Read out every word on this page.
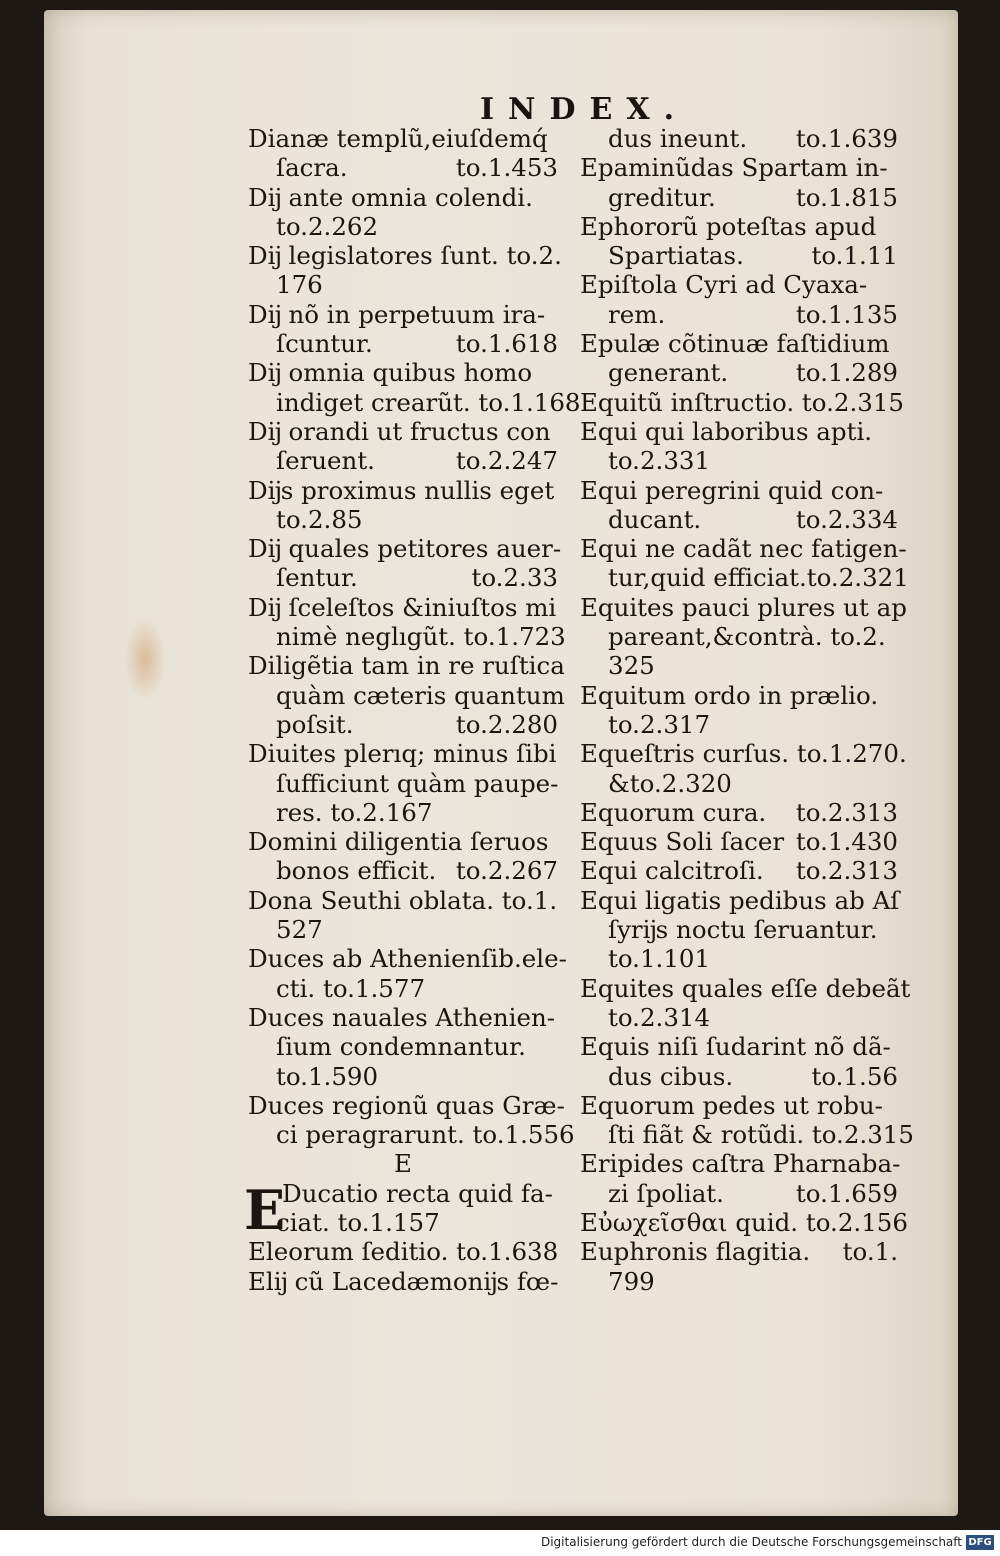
INDEX.
Dianæ templũ,eiuſdemq́
ſacra.	to.1.453
Dĳ ante omnia colendi.
to.2.262
Dĳ legislatores ſunt. to.2.
176
Dĳ nõ in perpetuum ira-
ſcuntur.	to.1.618
Dĳ omnia quibus homo
indiget crearũt. to.1.168
Dĳ orandi ut fructus con
ſeruent.	to.2.247
Dĳs proximus nullis eget
to.2.85
Dĳ quales petitores auer-
ſentur.	to.2.33
Dĳ ſceleſtos &iniuſtos mi
nimè neglıgũt. to.1.723
Diligẽtia tam in re ruſtica
quàm cæteris quantum
poſsit.	to.2.280
Diuites plerıq; minus ſibi
ſufficiunt quàm paupe-
res. to.2.167
Domini diligentia ſeruos
bonos efficit. to.2.267
Dona Seuthi oblata. to.1.
527
Duces ab Athenienſib.ele-
cti. to.1.577
Duces nauales Athenien-
ſium condemnantur.
to.1.590
Duces regionũ quas Græ-
ci peragrarunt. to.1.556
E
E
Ducatio recta quid fa-
ciat. to.1.157
Eleorum ſeditio. to.1.638
Elĳ cũ Lacedæmonĳs fœ-
dus ineunt. to.1.639
Epaminũdas Spartam in-
greditur.	to.1.815
Ephororũ poteſtas apud
Spartiatas.	to.1.11
Epiſtola Cyri ad Cyaxa-
rem.	to.1.135
Epulæ cõtinuæ faſtidium
generant.	to.1.289
Equitũ inſtructio. to.2.315
Equi qui laboribus apti.
to.2.331
Equi peregrini quid con-
ducant.	to.2.334
Equi ne cadãt nec fatigen-
tur,quid efficiat.to.2.321
Equites pauci plures ut ap
pareant,&contrà. to.2.
325
Equitum ordo in prælio.
to.2.317
Equeſtris curſus. to.1.270.
&to.2.320
Equorum cura. to.2.313
Equus Soli ſacer to.1.430
Equi calcitroſi. to.2.313
Equi ligatis pedibus ab Aſ
ſyrĳs noctu ſeruantur.
to.1.101
Equites quales eſſe debeãt
to.2.314
Equis niſi ſudarint nõ dã-
dus cibus.	to.1.56
Equorum pedes ut robu-
ſti fiãt & rotũdi. to.2.315
Eripides caſtra Pharnaba-
zi ſpoliat.	to.1.659
Εὐωχεῖσθαι quid. to.2.156
Euphronis flagitia. to.1.
799
Digitalisierung gefördert durch die Deutsche Forschungsgemeinschaft DFG
